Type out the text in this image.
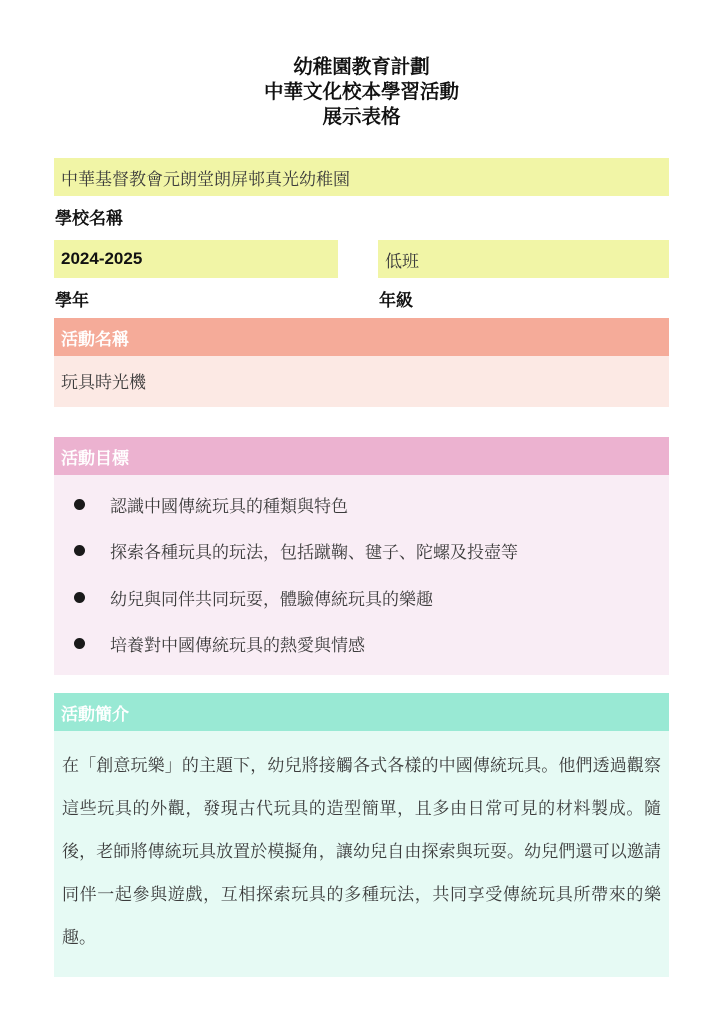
幼稚園教育計劃
中華文化校本學習活動
展示表格
中華基督教會元朗堂朗屏邨真光幼稚園
學校名稱
2024-2025
學年
低班
年級
活動名稱
玩具時光機
活動目標
認識中國傳統玩具的種類與特色
探索各種玩具的玩法，包括蹴鞠、毽子、陀螺及投壺等
幼兒與同伴共同玩耍，體驗傳統玩具的樂趣
培養對中國傳統玩具的熱愛與情感
活動簡介

在「創意玩樂」的主題下，幼兒將接觸各式各樣的中國傳統玩具。他們透過觀察這些玩具的外觀，發現古代玩具的造型簡單，且多由日常可見的材料製成。隨後，老師將傳統玩具放置於模擬角，讓幼兒自由探索與玩耍。幼兒們還可以邀請同伴一起參與遊戲，互相探索玩具的多種玩法，共同享受傳統玩具所帶來的樂趣。
